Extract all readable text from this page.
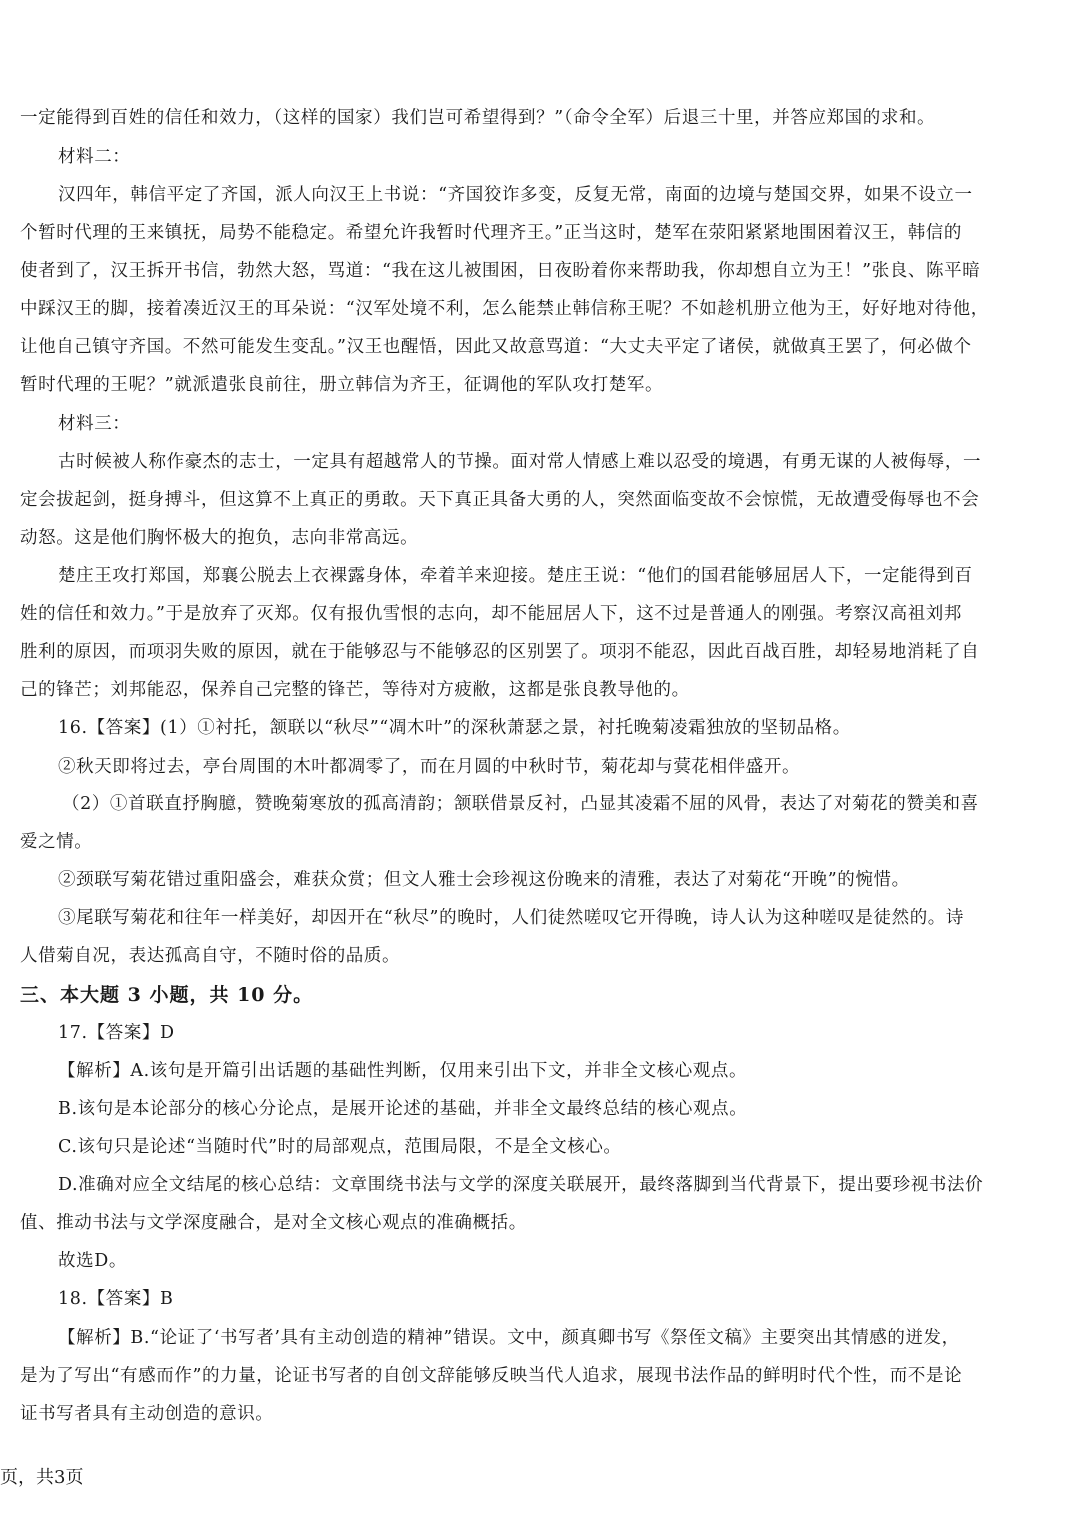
一定能得到百姓的信任和效力，（这样的国家）我们岂可希望得到？”（命令全军）后退三十里，并答应郑国的求和。
材料二：
汉四年，韩信平定了齐国，派人向汉王上书说：“齐国狡诈多变，反复无常，南面的边境与楚国交界，如果不设立一
个暂时代理的王来镇抚，局势不能稳定。希望允许我暂时代理齐王。”正当这时，楚军在荥阳紧紧地围困着汉王，韩信的
使者到了，汉王拆开书信，勃然大怒，骂道：“我在这儿被围困，日夜盼着你来帮助我，你却想自立为王！”张良、陈平暗
中踩汉王的脚，接着凑近汉王的耳朵说：“汉军处境不利，怎么能禁止韩信称王呢？不如趁机册立他为王，好好地对待他，
让他自己镇守齐国。不然可能发生变乱。”汉王也醒悟，因此又故意骂道：“大丈夫平定了诸侯，就做真王罢了，何必做个
暂时代理的王呢？”就派遣张良前往，册立韩信为齐王，征调他的军队攻打楚军。
材料三：
古时候被人称作豪杰的志士，一定具有超越常人的节操。面对常人情感上难以忍受的境遇，有勇无谋的人被侮辱，一
定会拔起剑，挺身搏斗，但这算不上真正的勇敢。天下真正具备大勇的人，突然面临变故不会惊慌，无故遭受侮辱也不会
动怒。这是他们胸怀极大的抱负，志向非常高远。
楚庄王攻打郑国，郑襄公脱去上衣裸露身体，牵着羊来迎接。楚庄王说：“他们的国君能够屈居人下，一定能得到百
姓的信任和效力。”于是放弃了灭郑。仅有报仇雪恨的志向，却不能屈居人下，这不过是普通人的刚强。考察汉高祖刘邦
胜利的原因，而项羽失败的原因，就在于能够忍与不能够忍的区别罢了。项羽不能忍，因此百战百胜，却轻易地消耗了自
己的锋芒；刘邦能忍，保养自己完整的锋芒，等待对方疲敝，这都是张良教导他的。
16.【答案】(1）①衬托，颔联以“秋尽”“凋木叶”的深秋萧瑟之景，衬托晚菊凌霜独放的坚韧品格。
②秋天即将过去，亭台周围的木叶都凋零了，而在月圆的中秋时节，菊花却与蓂花相伴盛开。
（2）①首联直抒胸臆，赞晚菊寒放的孤高清韵；颔联借景反衬，凸显其凌霜不屈的风骨，表达了对菊花的赞美和喜
爱之情。
②颈联写菊花错过重阳盛会，难获众赏；但文人雅士会珍视这份晚来的清雅，表达了对菊花“开晚”的惋惜。
③尾联写菊花和往年一样美好，却因开在“秋尽”的晚时，人们徒然嗟叹它开得晚，诗人认为这种嗟叹是徒然的。诗
人借菊自况，表达孤高自守，不随时俗的品质。
三、本大题 3 小题，共 10 分。
17.【答案】D
【解析】A.该句是开篇引出话题的基础性判断，仅用来引出下文，并非全文核心观点。
B.该句是本论部分的核心分论点，是展开论述的基础，并非全文最终总结的核心观点。
C.该句只是论述“当随时代”时的局部观点，范围局限，不是全文核心。
D.准确对应全文结尾的核心总结：文章围绕书法与文学的深度关联展开，最终落脚到当代背景下，提出要珍视书法价
值、推动书法与文学深度融合，是对全文核心观点的准确概括。
故选D。
18.【答案】B
【解析】B.“论证了‘书写者’具有主动创造的精神”错误。文中，颜真卿书写《祭侄文稿》主要突出其情感的迸发，
是为了写出“有感而作”的力量，论证书写者的自创文辞能够反映当代人追求，展现书法作品的鲜明时代个性，而不是论
证书写者具有主动创造的意识。
页，共3页
